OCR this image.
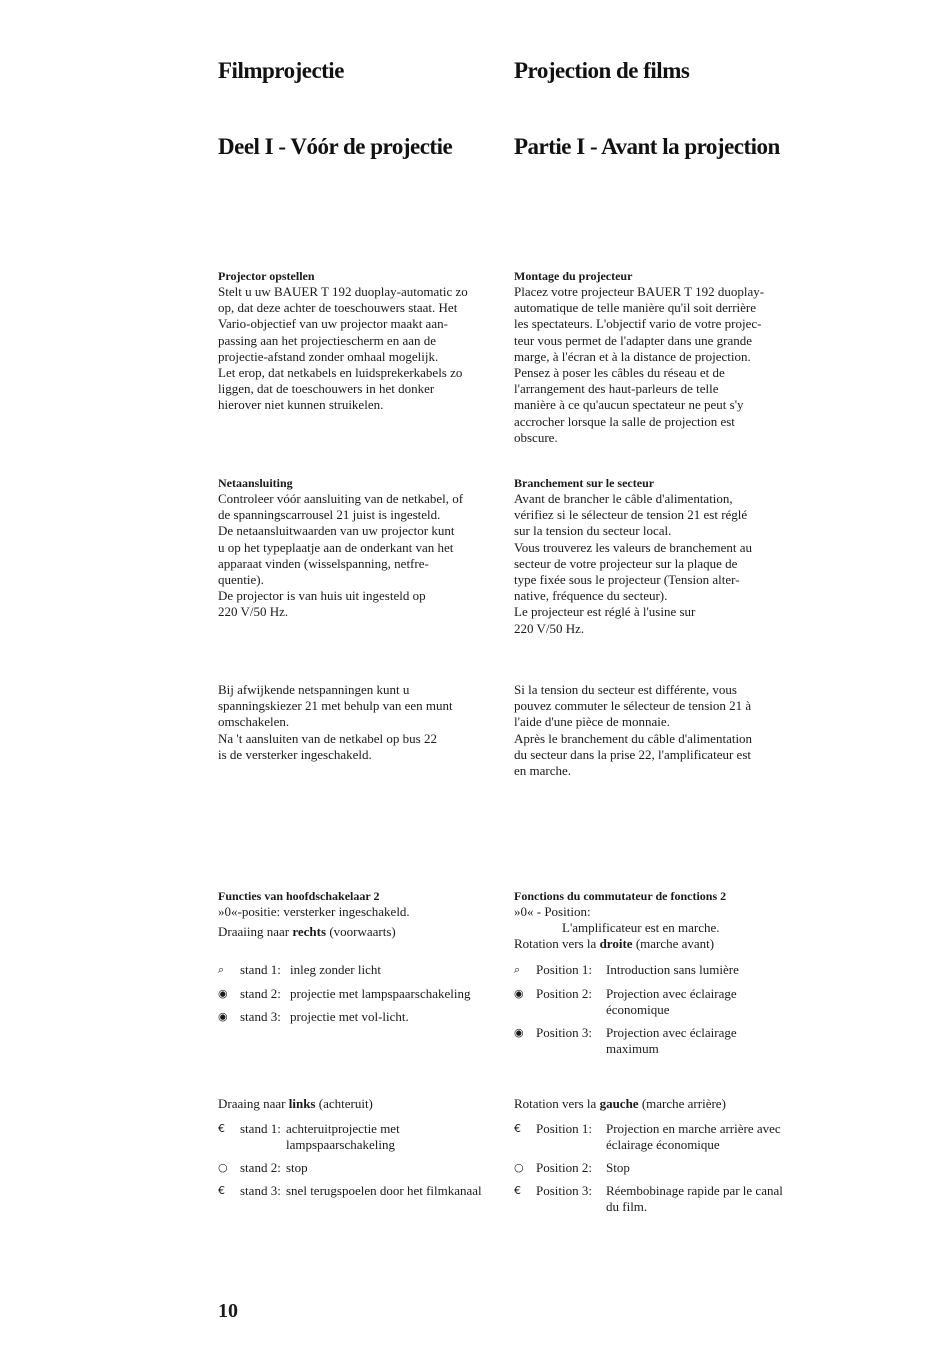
Filmprojectie	Projection de films
Deel I - Vóór de projectie	Partie I - Avant la projection

Projector opstellen

Stelt u uw BAUER T 192 duoplay-automatic zo
op, dat deze achter de toeschouwers staat. Het
Vario-objectief van uw projector maakt aan-
passing aan het projectiescherm en aan de
projectie-afstand zonder omhaal mogelijk.
Let erop, dat netkabels en luidsprekerkabels zo
liggen, dat de toeschouwers in het donker
hierover niet kunnen struikelen.

Montage du projecteur

Placez votre projecteur BAUER T 192 duoplay-
automatique de telle manière qu'il soit derrière
les spectateurs. L'objectif vario de votre projec-
teur vous permet de l'adapter dans une grande
marge, à l'écran et à la distance de projection.
Pensez à poser les câbles du réseau et de
l'arrangement des haut-parleurs de telle
manière à ce qu'aucun spectateur ne peut s'y
accrocher lorsque la salle de projection est
obscure.

Netaansluiting

Controleer vóór aansluiting van de netkabel, of
de spanningscarrousel 21 juist is ingesteld.
De netaansluitwaarden van uw projector kunt
u op het typeplaatje aan de onderkant van het
apparaat vinden (wisselspanning, netfre-
quentie).
De projector is van huis uit ingesteld op
220 V/50 Hz.

Branchement sur le secteur

Avant de brancher le câble d'alimentation,
vérifiez si le sélecteur de tension 21 est réglé
sur la tension du secteur local.
Vous trouverez les valeurs de branchement au
secteur de votre projecteur sur la plaque de
type fixée sous le projecteur (Tension alter-
native, fréquence du secteur).
Le projecteur est réglé à l'usine sur
220 V/50 Hz.

Bij afwijkende netspanningen kunt u
spanningskiezer 21 met behulp van een munt
omschakelen.
Na 't aansluiten van de netkabel op bus 22
is de versterker ingeschakeld.

Si la tension du secteur est différente, vous
pouvez commuter le sélecteur de tension 21 à
l'aide d'une pièce de monnaie.
Après le branchement du câble d'alimentation
du secteur dans la prise 22, l'amplificateur est
en marche.

Functies van hoofdschakelaar 2

»0«-positie: versterker ingeschakeld.

Draaiing naar rechts (voorwaarts)

⌕	stand 1: inleg zonder licht
◉ stand 2: projectie met lampspaarschakeling
◉ stand 3: projectie met vol-licht.

Fonctions du commutateur de fonctions 2

»0« - Position:

L'amplificateur est en marche.

Rotation vers la droite (marche avant)

⌕	Position 1: Introduction sans lumière
◉ Position 2: Projection avec éclairage
économique
◉ Position 3: Projection avec éclairage
maximum

Draaing naar links (achteruit)

€	stand 1: achteruitprojectie met
lampspaarschakeling
○ stand 2: stop
€	stand 3: snel terugspoelen door het filmkanaal

Rotation vers la gauche (marche arrière)

€	Position 1: Projection en marche arrière avec
éclairage économique
○ Position 2: Stop
€	Position 3: Réembobinage rapide par le canal
du film.

10
